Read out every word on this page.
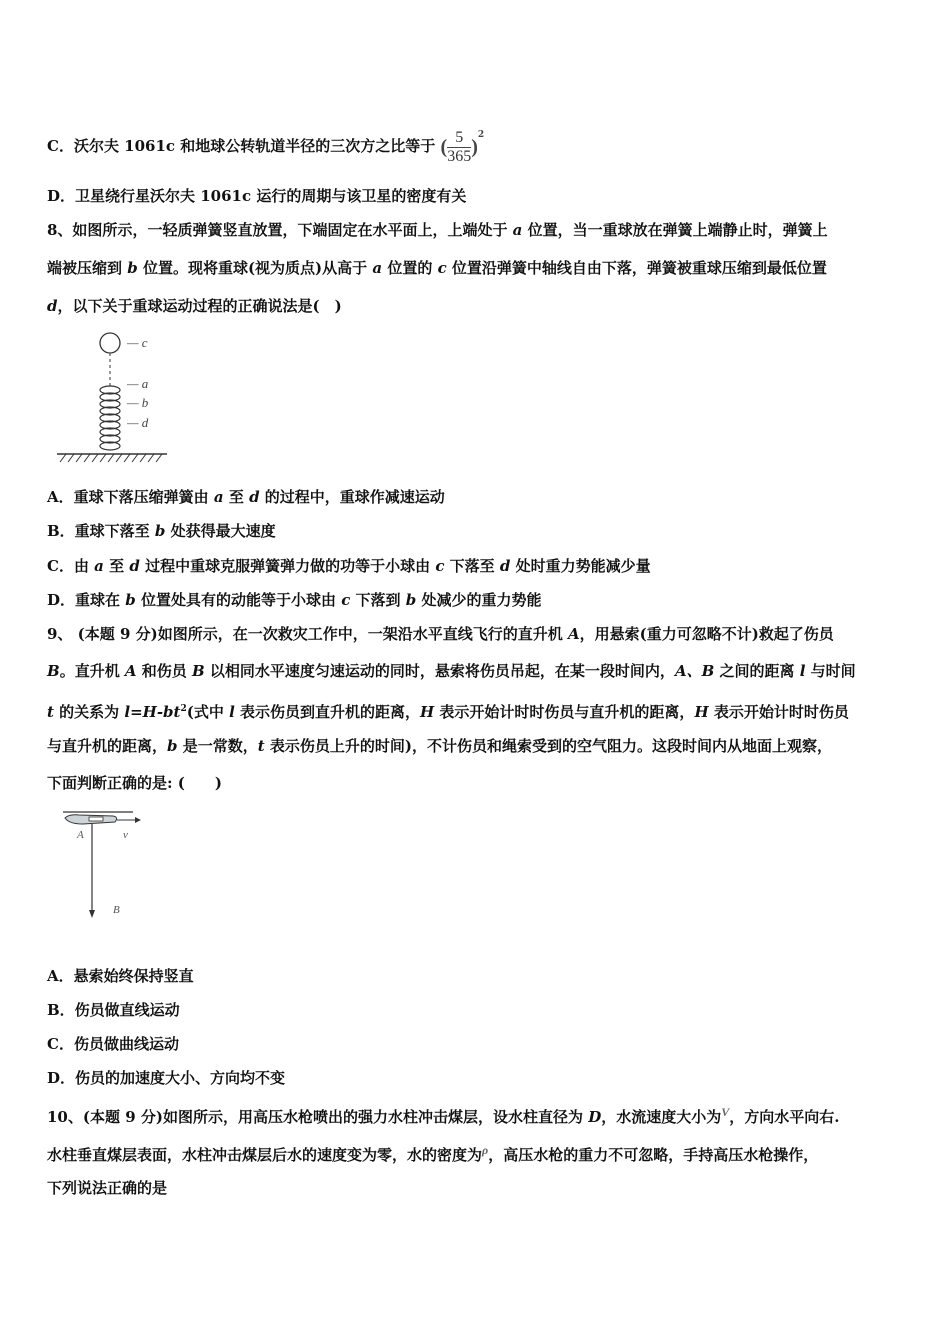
C．沃尔夫 1061c 和地球公转轨道半径的三次方之比等于 ( $\frac{5}{365} )^2$
D．卫星绕行星沃尔夫 1061c 运行的周期与该卫星的密度有关
8、如图所示，一轻质弹簧竖直放置，下端固定在水平面上，上端处于 a 位置，当一重球放在弹簧上端静止时，弹簧上
端被压缩到 b 位置。现将重球(视为质点)从高于 a 位置的 c 位置沿弹簧中轴线自由下落，弹簧被重球压缩到最低位置
d，以下关于重球运动过程的正确说法是(　)
— c
— a
— b
— d
A．重球下落压缩弹簧由 a 至 d 的过程中，重球作减速运动
B．重球下落至 b 处获得最大速度
C．由 a 至 d 过程中重球克服弹簧弹力做的功等于小球由 c 下落至 d 处时重力势能减少量
D．重球在 b 位置处具有的动能等于小球由 c 下落到 b 处减少的重力势能
9、 (本题 9 分)如图所示，在一次救灾工作中，一架沿水平直线飞行的直升机 A，用悬索(重力可忽略不计)救起了伤员
B。直升机 A 和伤员 B 以相同水平速度匀速运动的同时，悬索将伤员吊起，在某一段时间内，A、B 之间的距离 l 与时间
t 的关系为 $l=H-bt^2$(式中 l 表示伤员到直升机的距离，H 表示开始计时时伤员与直升机的距离，H 表示开始计时时伤员
与直升机的距离，b 是一常数，t 表示伤员上升的时间)，不计伤员和绳索受到的空气阻力。这段时间内从地面上观察，
下面判断正确的是: (　　)
A	v
B
A．悬索始终保持竖直
B．伤员做直线运动
C．伤员做曲线运动
D．伤员的加速度大小、方向均不变
10、(本题 9 分)如图所示，用高压水枪喷出的强力水柱冲击煤层，设水柱直径为 D，水流速度大小为$^V$，方向水平向右.
水柱垂直煤层表面，水柱冲击煤层后水的速度变为零，水的密度为$^\rho$，高压水枪的重力不可忽略，手持高压水枪操作，
下列说法正确的是
